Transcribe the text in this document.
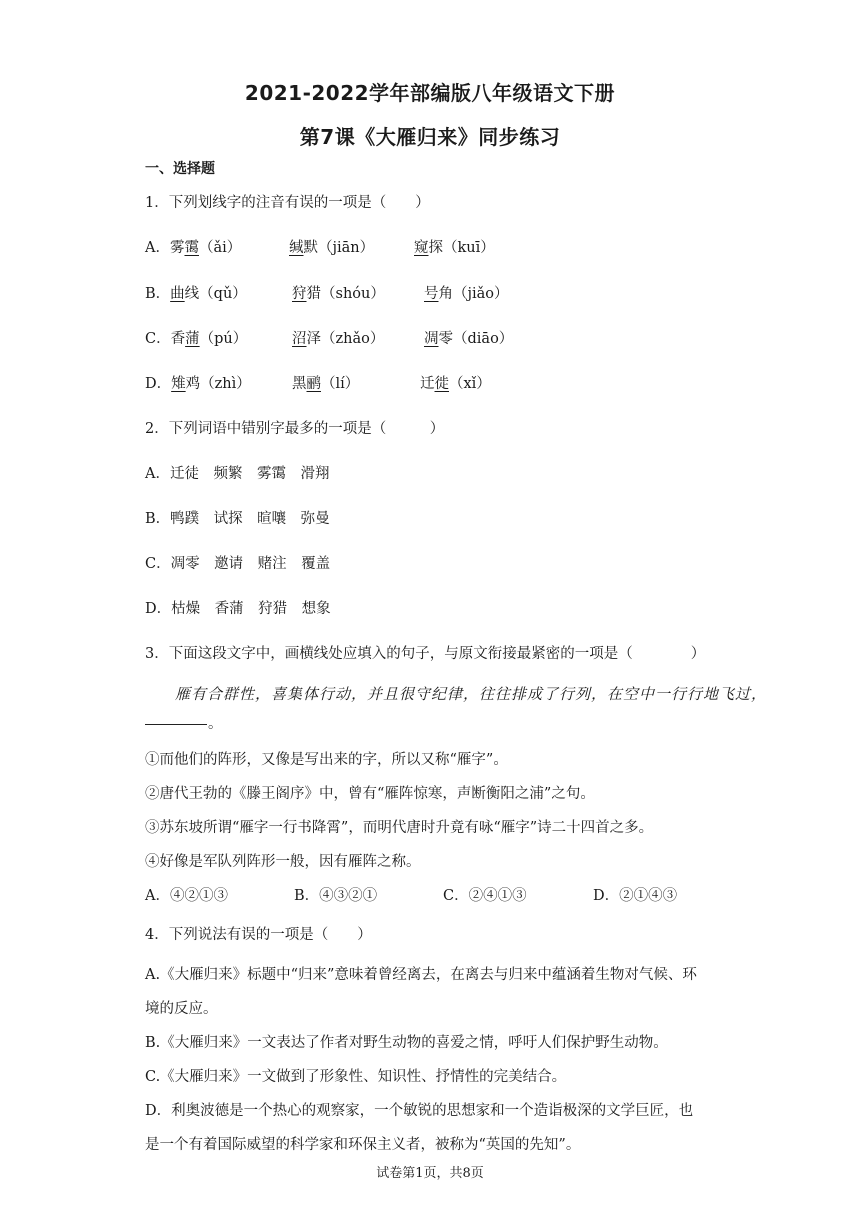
2021-2022学年部编版八年级语文下册
第7课《大雁归来》同步练习
一、选择题
1．下列划线字的注音有误的一项是（　　）
A．雾霭（ǎi）	缄默（jiān）	窥探（kuī）
B．曲线（qǔ）	狩猎（shóu）	号角（jiǎo）
C．香蒲（pú）	沼泽（zhǎo）	凋零（diāo）
D．雉鸡（zhì）	黑鹂（lí）	迁徙（xǐ）
2．下列词语中错别字最多的一项是（　　　）
A．迁徒　频繁　雾霭　滑翔
B．鸭蹼　试探　暄嚷　弥曼
C．凋零　邀请　赌注　覆盖
D．枯燥　香蒲　狩猎　想象
3．下面这段文字中，画横线处应填入的句子，与原文衔接最紧密的一项是（　　　　）
雁有合群性，喜集体行动，并且很守纪律，往往排成了行列，在空中一行行地飞过，
。
①而他们的阵形，又像是写出来的字，所以又称“雁字”。
②唐代王勃的《滕王阁序》中，曾有“雁阵惊寒，声断衡阳之浦”之句。
③苏东坡所谓“雁字一行书降霄”，而明代唐时升竟有咏“雁字”诗二十四首之多。
④好像是军队列阵形一般，因有雁阵之称。
A．④②①③	B．④③②①	C．②④①③	D．②①④③
4．下列说法有误的一项是（　　）
A.《大雁归来》标题中“归来”意味着曾经离去，在离去与归来中蕴涵着生物对气候、环
境的反应。
B.《大雁归来》一文表达了作者对野生动物的喜爱之情，呼吁人们保护野生动物。
C.《大雁归来》一文做到了形象性、知识性、抒情性的完美结合。
D．利奥波德是一个热心的观察家，一个敏锐的思想家和一个造诣极深的文学巨匠，也
是一个有着国际威望的科学家和环保主义者，被称为“英国的先知”。
试卷第1页，共8页
